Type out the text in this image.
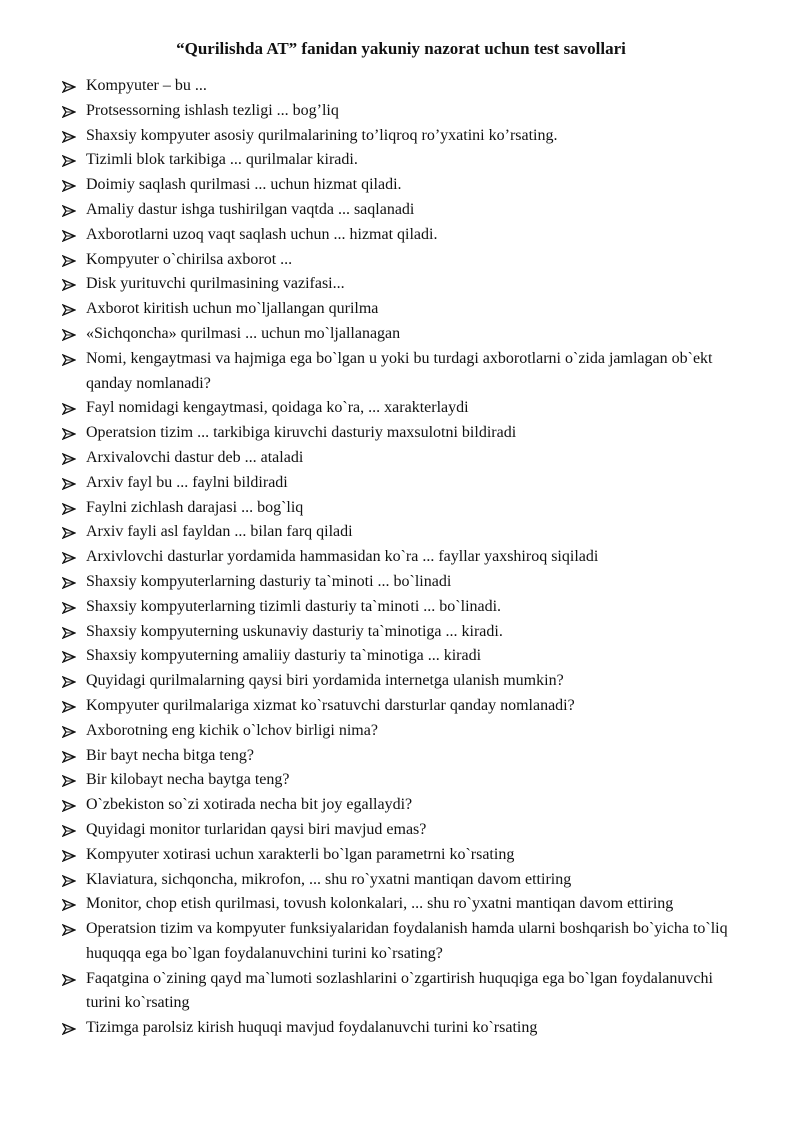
“Qurilishda AT” fanidan yakuniy nazorat uchun test savollari
Kompyuter – bu ...
Protsessorning ishlash tezligi ... bog’liq
Shaxsiy kompyuter asosiy qurilmalarining to’liqroq ro’yxatini ko’rsating.
Tizimli blok tarkibiga ... qurilmalar kiradi.
Doimiy saqlash qurilmasi ... uchun hizmat qiladi.
Amaliy dastur ishga tushirilgan vaqtda ... saqlanadi
Axborotlarni uzoq vaqt saqlash uchun ... hizmat qiladi.
Kompyuter o`chirilsa axborot ...
Disk yurituvchi qurilmasining vazifasi...
Axborot kiritish uchun mo`ljallangan qurilma
«Sichqoncha» qurilmasi ... uchun mo`ljallanagan
Nomi, kengaytmasi va hajmiga ega bo`lgan u yoki bu turdagi axborotlarni o`zida jamlagan ob`ekt qanday nomlanadi?
Fayl nomidagi kengaytmasi, qoidaga ko`ra, ... xarakterlaydi
Operatsion tizim ... tarkibiga kiruvchi dasturiy maxsulotni bildiradi
Arxivalovchi dastur deb ... ataladi
Arxiv fayl bu ... faylni bildiradi
Faylni zichlash darajasi ... bog`liq
Arxiv fayli asl fayldan ... bilan farq qiladi
Arxivlovchi dasturlar yordamida hammasidan ko`ra ... fayllar yaxshiroq siqiladi
Shaxsiy kompyuterlarning dasturiy ta`minoti ... bo`linadi
Shaxsiy kompyuterlarning tizimli dasturiy ta`minoti ... bo`linadi.
Shaxsiy kompyuterning uskunaviy dasturiy ta`minotiga ... kiradi.
Shaxsiy kompyuterning amaliiy dasturiy ta`minotiga ... kiradi
Quyidagi qurilmalarning qaysi biri yordamida internetga ulanish mumkin?
Kompyuter qurilmalariga xizmat ko`rsatuvchi darsturlar qanday nomlanadi?
Axborotning eng kichik o`lchov birligi nima?
Bir bayt necha bitga teng?
Bir kilobayt necha baytga teng?
O`zbekiston so`zi xotirada necha bit joy egallaydi?
Quyidagi monitor turlaridan qaysi biri mavjud emas?
Kompyuter xotirasi uchun xarakterli bo`lgan parametrni ko`rsating
Klaviatura, sichqoncha, mikrofon, ... shu ro`yxatni mantiqan davom ettiring
Monitor, chop etish qurilmasi, tovush kolonkalari, ... shu ro`yxatni mantiqan davom ettiring
Operatsion tizim va kompyuter funksiyalaridan foydalanish hamda ularni boshqarish bo`yicha to`liq huquqqa ega bo`lgan foydalanuvchini turini ko`rsating?
Faqatgina o`zining qayd ma`lumoti sozlashlarini o`zgartirish huquqiga ega bo`lgan foydalanuvchi turini ko`rsating
Tizimga parolsiz kirish huquqi mavjud foydalanuvchi turini ko`rsating
